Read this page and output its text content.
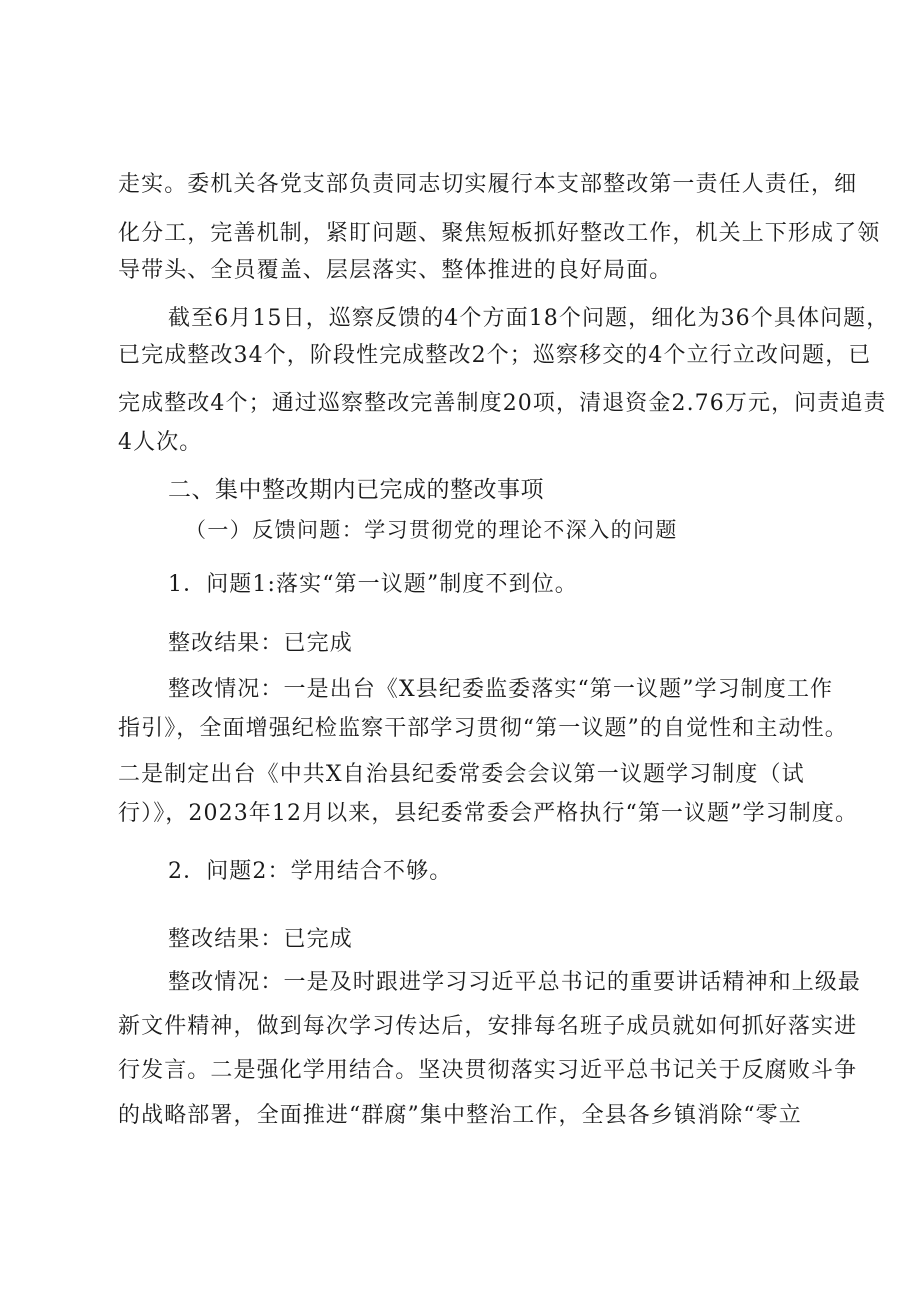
走实。委机关各党支部负责同志切实履行本支部整改第一责任人责任，细
化分工，完善机制，紧盯问题、聚焦短板抓好整改工作，机关上下形成了领
导带头、全员覆盖、层层落实、整体推进的良好局面。
截至6月15日，巡察反馈的4个方面18个问题，细化为36个具体问题，
已完成整改34个，阶段性完成整改2个；巡察移交的4个立行立改问题，已
完成整改4个；通过巡察整改完善制度20项，清退资金2.76万元，问责追责
4人次。
二、集中整改期内已完成的整改事项
（一）反馈问题：学习贯彻党的理论不深入的问题
1．问题1:落实“第一议题”制度不到位。
整改结果：已完成
整改情况：一是出台《X县纪委监委落实“第一议题”学习制度工作
指引》，全面增强纪检监察干部学习贯彻“第一议题”的自觉性和主动性。
二是制定出台《中共X自治县纪委常委会会议第一议题学习制度（试
行）》，2023年12月以来，县纪委常委会严格执行“第一议题”学习制度。
2．问题2：学用结合不够。
整改结果：已完成
整改情况：一是及时跟进学习习近平总书记的重要讲话精神和上级最
新文件精神，做到每次学习传达后，安排每名班子成员就如何抓好落实进
行发言。二是强化学用结合。坚决贯彻落实习近平总书记关于反腐败斗争
的战略部署，全面推进“群腐”集中整治工作，全县各乡镇消除“零立
